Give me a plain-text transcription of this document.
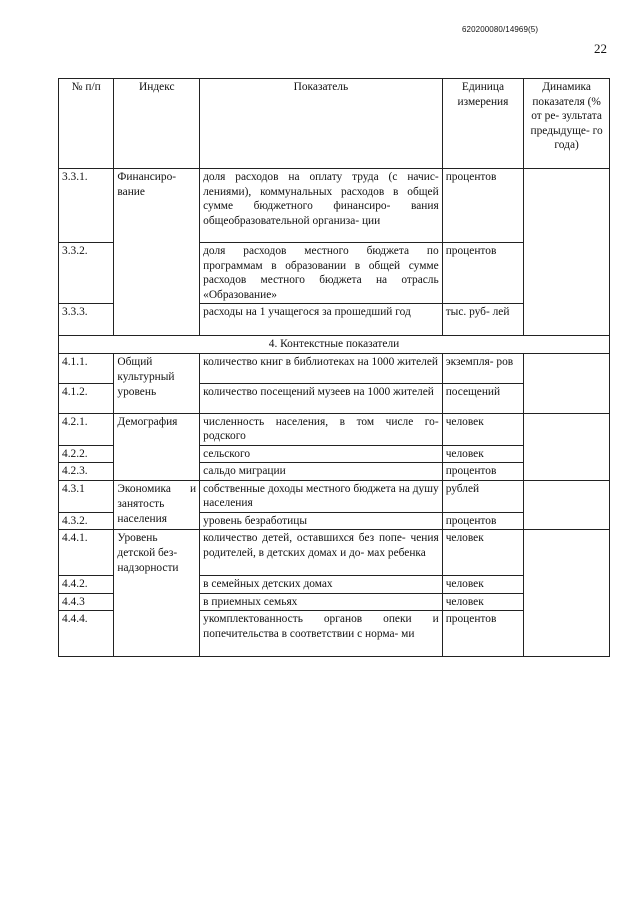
620200080/14969(5)
22
№ п/п	Индекс	Показатель	Единица измерения	Динамика показателя (% от ре- зультата предыдуще- го года)
3.3.1.	Финансиро- вание	доля расходов на оплату труда (с начис- лениями), коммунальных расходов в общей сумме бюджетного финансиро- вания общеобразовательной организа- ции	процентов	
3.3.2.		доля расходов местного бюджета по программам в образовании в общей сумме расходов местного бюджета на отрасль «Образование»	процентов	
3.3.3.		расходы на 1 учащегося за прошедший год	тыс. руб- лей	
4. Контекстные показатели				
4.1.1.	Общий культурный уровень	количество книг в библиотеках на 1000 жителей	экземпля- ров	
4.1.2.		количество посещений музеев на 1000 жителей	посещений	
4.2.1.	Демография	численность населения, в том числе го- родского	человек	
4.2.2.		сельского	человек	
4.2.3.		сальдо миграции	процентов	
4.3.1	Экономика и занятость населения	собственные доходы местного бюджета на душу населения	рублей	
4.3.2.		уровень безработицы	процентов	
4.4.1.	Уровень детской без- надзорности	количество детей, оставшихся без попе- чения родителей, в детских домах и до- мах ребенка	человек	
4.4.2.		в семейных детских домах	человек	
4.4.3		в приемных семьях	человек	
4.4.4.		укомплектованность органов опеки и попечительства в соответствии с норма- ми	процентов	
